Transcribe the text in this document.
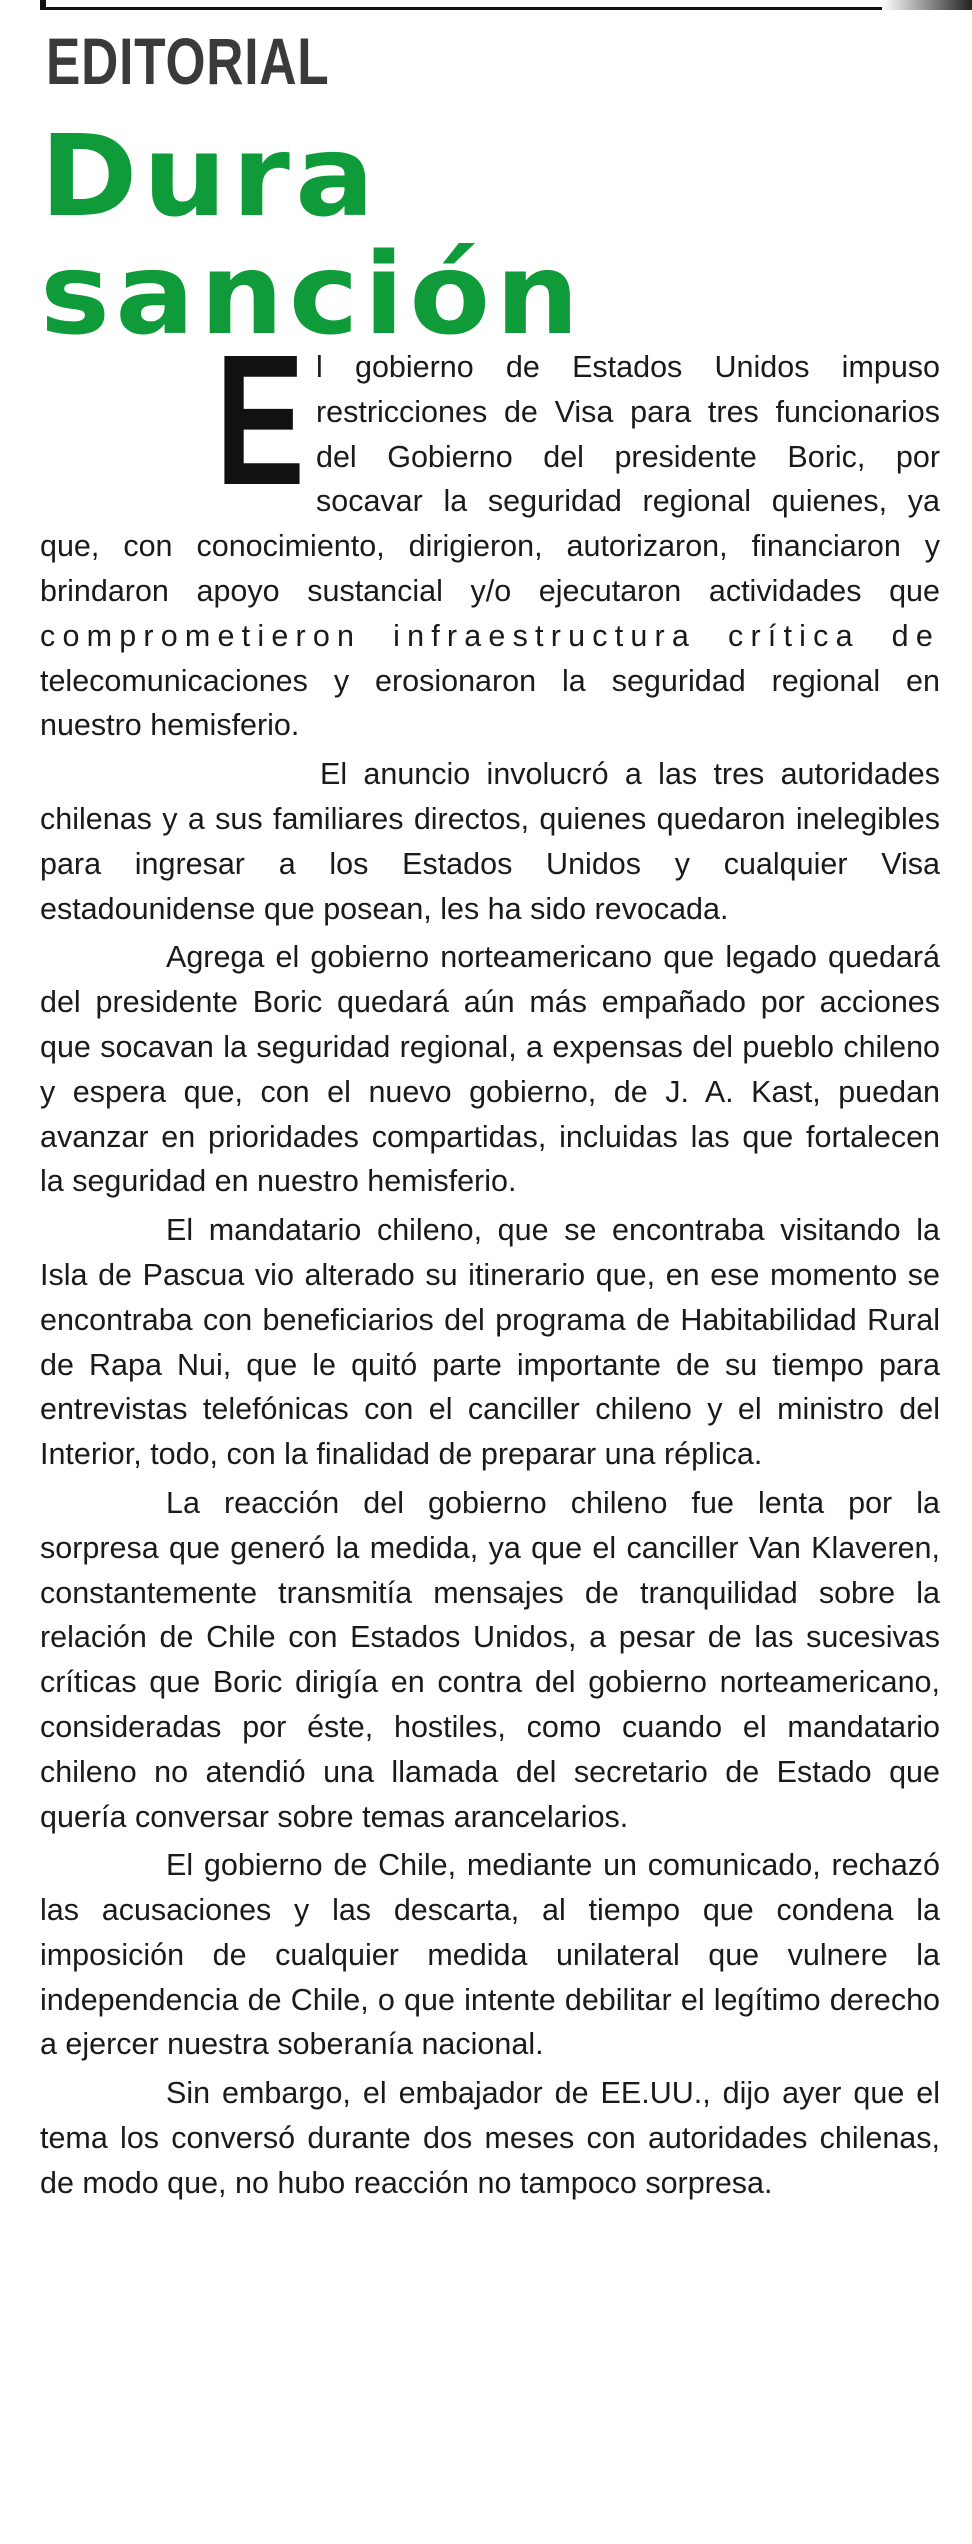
EDITORIAL
Dura
sanción
E l gobierno de Estados Unidos impuso restricciones de Visa para tres funcionarios del Gobierno del presidente Boric, por socavar la seguridad regional quienes, ya que, con conocimiento, dirigieron, autorizaron, financiaron y brindaron apoyo sustancial y/o ejecutaron actividades que comprometieron infraestructura crítica de telecomunicaciones y erosionaron la seguridad regional en nuestro hemisferio.

El anuncio involucró a las tres autoridades chilenas y a sus familiares directos, quienes quedaron inelegibles para ingresar a los Estados Unidos y cualquier Visa estadounidense que posean, les ha sido revocada.

Agrega el gobierno norteamericano que legado quedará del presidente Boric quedará aún más empañado por acciones que socavan la seguridad regional, a expensas del pueblo chileno y espera que, con el nuevo gobierno, de J. A. Kast, puedan avanzar en prioridades compartidas, incluidas las que fortalecen la seguridad en nuestro hemisferio.

El mandatario chileno, que se encontraba visitando la Isla de Pascua vio alterado su itinerario que, en ese momento se encontraba con beneficiarios del programa de Habitabilidad Rural de Rapa Nui, que le quitó parte importante de su tiempo para entrevistas telefónicas con el canciller chileno y el ministro del Interior, todo, con la finalidad de preparar una réplica.

La reacción del gobierno chileno fue lenta por la sorpresa que generó la medida, ya que el canciller Van Klaveren, constantemente transmitía mensajes de tranquilidad sobre la relación de Chile con Estados Unidos, a pesar de las sucesivas críticas que Boric dirigía en contra del gobierno norteamericano, consideradas por éste, hostiles, como cuando el mandatario chileno no atendió una llamada del secretario de Estado que quería conversar sobre temas arancelarios.

El gobierno de Chile, mediante un comunicado, rechazó las acusaciones y las descarta, al tiempo que condena la imposición de cualquier medida unilateral que vulnere la independencia de Chile, o que intente debilitar el legítimo derecho a ejercer nuestra soberanía nacional.

Sin embargo, el embajador de EE.UU., dijo ayer que el tema los conversó durante dos meses con autoridades chilenas, de modo que, no hubo reacción no tampoco sorpresa.
